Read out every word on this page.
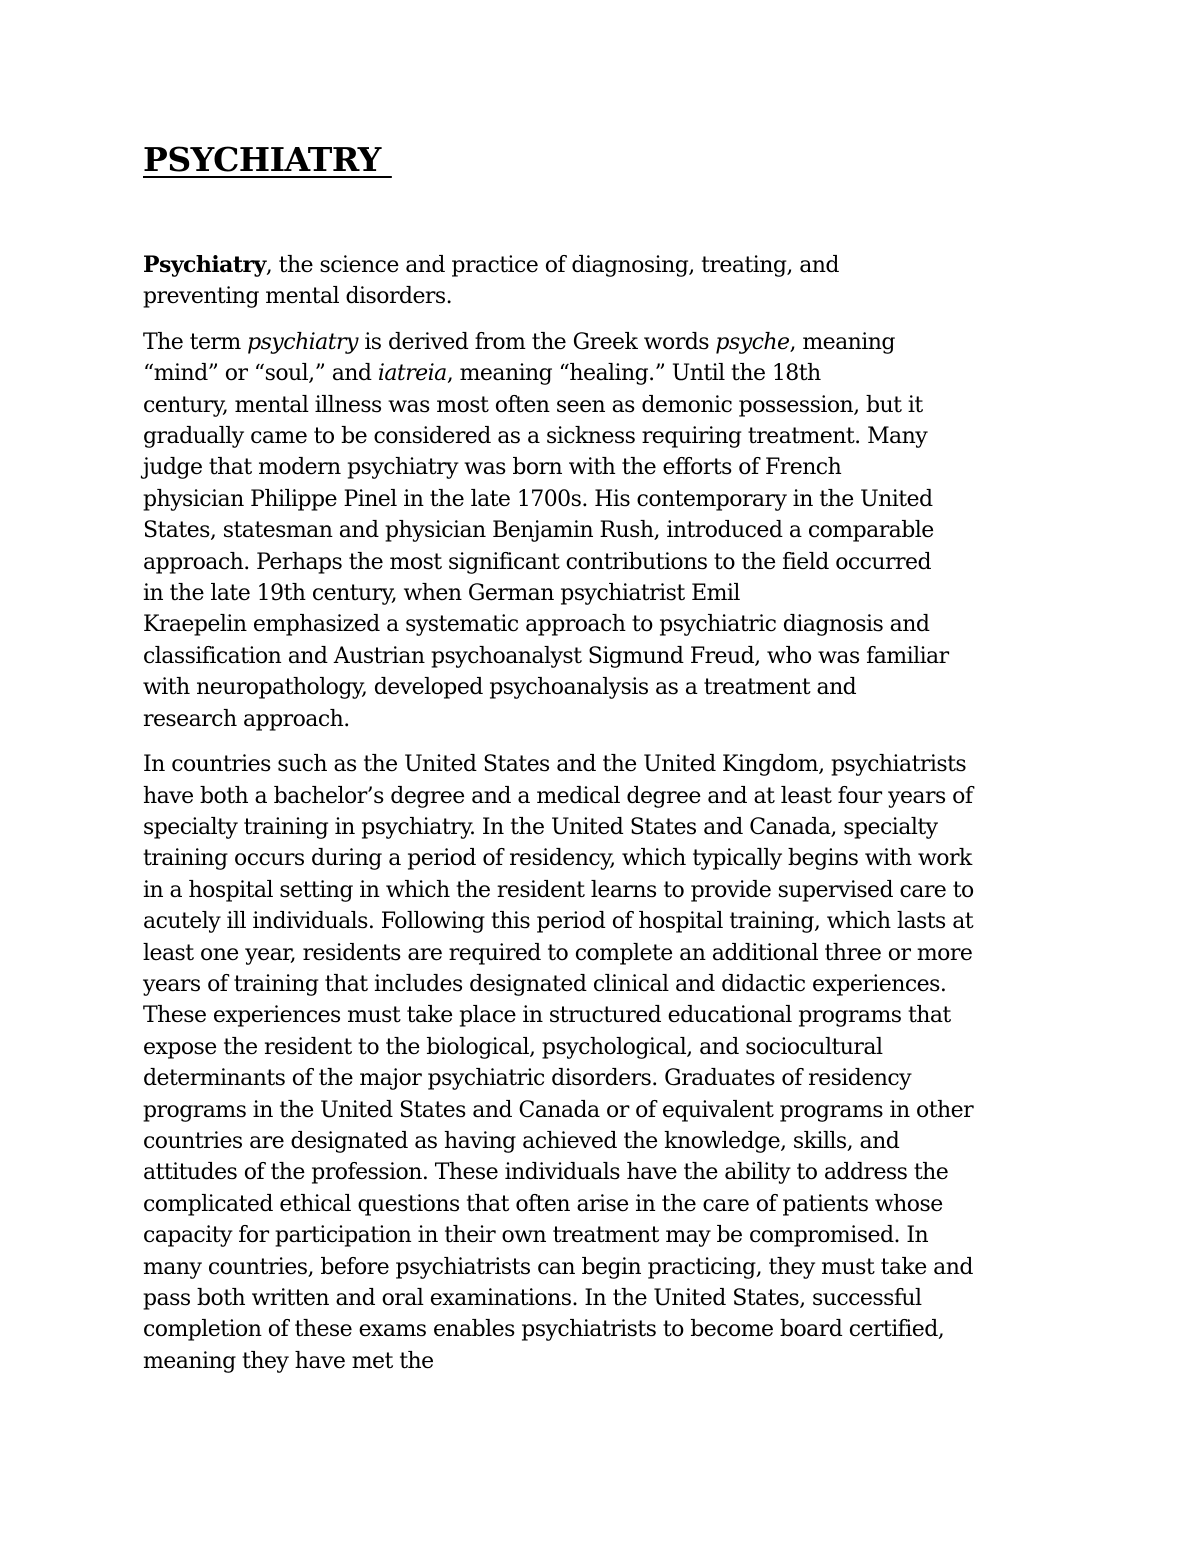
PSYCHIATRY

Psychiatry, the science and practice of diagnosing, treating, and
preventing mental disorders.

The term psychiatry is derived from the Greek words psyche, meaning
“mind” or “soul,” and iatreia, meaning “healing.” Until the 18th
century, mental illness was most often seen as demonic possession, but it
gradually came to be considered as a sickness requiring treatment. Many
judge that modern psychiatry was born with the efforts of French
physician Philippe Pinel in the late 1700s. His contemporary in the United
States, statesman and physician Benjamin Rush, introduced a comparable
approach. Perhaps the most significant contributions to the field occurred
in the late 19th century, when German psychiatrist Emil
Kraepelin emphasized a systematic approach to psychiatric diagnosis and
classification and Austrian psychoanalyst Sigmund Freud, who was familiar
with neuropathology, developed psychoanalysis as a treatment and
research approach.

In countries such as the United States and the United Kingdom, psychiatrists
have both a bachelor’s degree and a medical degree and at least four years of
specialty training in psychiatry. In the United States and Canada, specialty
training occurs during a period of residency, which typically begins with work
in a hospital setting in which the resident learns to provide supervised care to
acutely ill individuals. Following this period of hospital training, which lasts at
least one year, residents are required to complete an additional three or more
years of training that includes designated clinical and didactic experiences.
These experiences must take place in structured educational programs that
expose the resident to the biological, psychological, and sociocultural
determinants of the major psychiatric disorders. Graduates of residency
programs in the United States and Canada or of equivalent programs in other
countries are designated as having achieved the knowledge, skills, and
attitudes of the profession. These individuals have the ability to address the
complicated ethical questions that often arise in the care of patients whose
capacity for participation in their own treatment may be compromised. In
many countries, before psychiatrists can begin practicing, they must take and
pass both written and oral examinations. In the United States, successful
completion of these exams enables psychiatrists to become board certified,
meaning they have met the
